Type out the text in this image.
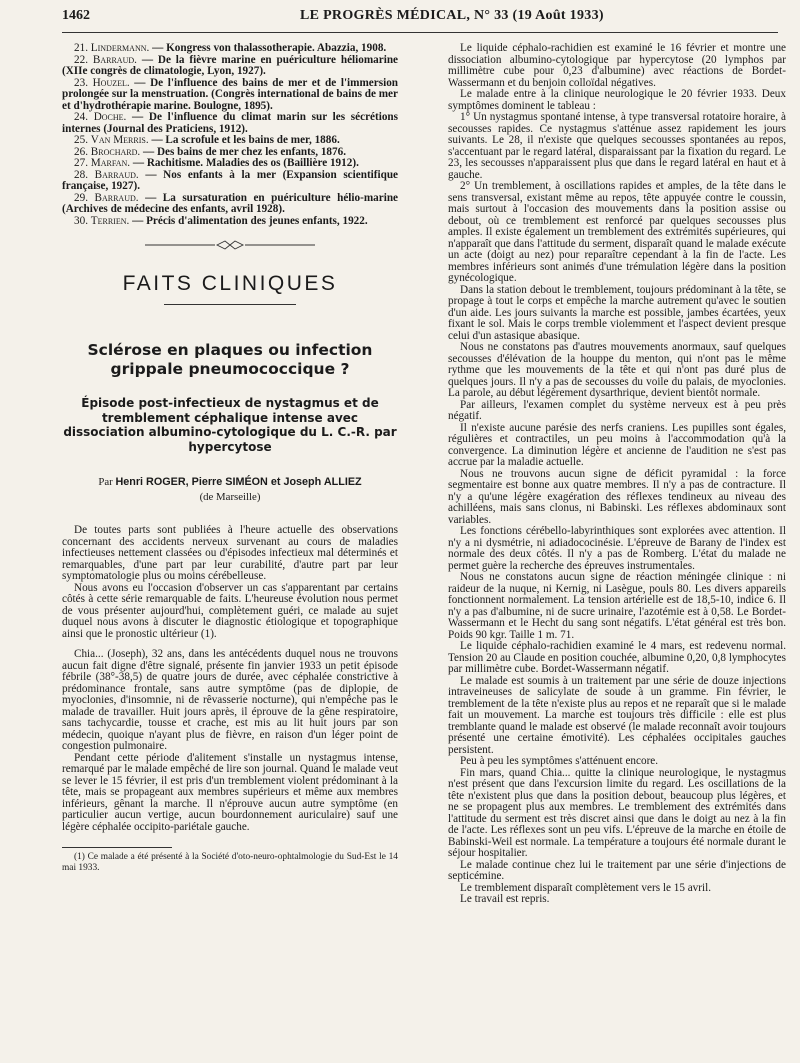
1462	LE PROGRÈS MÉDICAL, N° 33 (19 Août 1933)

21. Lindermann. — Kongress von thalassotherapie. Abazzia, 1908.

22. Barraud. — De la fièvre marine en puériculture héliomarine (XIIe congrès de climatologie, Lyon, 1927).

23. Houzel. — De l'influence des bains de mer et de l'immersion prolongée sur la menstruation. (Congrès international de bains de mer et d'hydrothérapie marine. Boulogne, 1895).

24. Doche. — De l'influence du climat marin sur les sécrétions internes (Journal des Praticiens, 1912).

25. Van Merris. — La scrofule et les bains de mer, 1886.

26. Brochard. — Des bains de mer chez les enfants, 1876.

27. Marfan. — Rachitisme. Maladies des os (Baillière 1912).

28. Barraud. — Nos enfants à la mer (Expansion scientifique française, 1927).

29. Barraud. — La sursaturation en puériculture hélio-marine (Archives de médecine des enfants, avril 1928).

30. Terrien. — Précis d'alimentation des jeunes enfants, 1922.

FAITS CLINIQUES
Sclérose en plaques ou infection grippale pneumococcique ?
Épisode post-infectieux de nystagmus et de tremblement céphalique intense avec dissociation albumino-cytologique du L. C.-R. par hypercytose
Par Henri ROGER, Pierre SIMÉON et Joseph ALLIEZ
(de Marseille)

De toutes parts sont publiées à l'heure actuelle des observations concernant des accidents nerveux survenant au cours de maladies infectieuses nettement classées ou d'épisodes infectieux mal déterminés et remarquables, d'une part par leur curabilité, d'autre part par leur symptomatologie plus ou moins cérébelleuse.

Nous avons eu l'occasion d'observer un cas s'apparentant par certains côtés à cette série remarquable de faits. L'heureuse évolution nous permet de vous présenter aujourd'hui, complètement guéri, ce malade au sujet duquel nous avons à discuter le diagnostic étiologique et topographique ainsi que le pronostic ultérieur (1).

Chia... (Joseph), 32 ans, dans les antécédents duquel nous ne trouvons aucun fait digne d'être signalé, présente fin janvier 1933 un petit épisode fébrile (38°-38,5) de quatre jours de durée, avec céphalée constrictive à prédominance frontale, sans autre symptôme (pas de diplopie, de myoclonies, d'insomnie, ni de rêvasserie nocturne), qui n'empêche pas le malade de travailler. Huit jours après, il éprouve de la gêne respiratoire, sans tachycardie, tousse et crache, est mis au lit huit jours par son médecin, quoique n'ayant plus de fièvre, en raison d'un léger point de congestion pulmonaire.

Pendant cette période d'alitement s'installe un nystagmus intense, remarqué par le malade empêché de lire son journal. Quand le malade veut se lever le 15 février, il est pris d'un tremblement violent prédominant à la tête, mais se propageant aux membres supérieurs et même aux membres inférieurs, gênant la marche. Il n'éprouve aucun autre symptôme (en particulier aucun vertige, aucun bourdonnement auriculaire) sauf une légère céphalée occipito-pariétale gauche.

(1) Ce malade a été présenté à la Société d'oto-neuro-ophtalmologie du Sud-Est le 14 mai 1933.

Le liquide céphalo-rachidien est examiné le 16 février et montre une dissociation albumino-cytologique par hypercytose (20 lymphos par millimètre cube pour 0,23 d'albumine) avec réactions de Bordet-Wassermann et du benjoin colloïdal négatives.

Le malade entre à la clinique neurologique le 20 février 1933. Deux symptômes dominent le tableau :

1° Un nystagmus spontané intense, à type transversal rotatoire horaire, à secousses rapides. Ce nystagmus s'atténue assez rapidement les jours suivants. Le 28, il n'existe que quelques secousses spontanées au repos, s'accentuant par le regard latéral, disparaissant par la fixation du regard. Le 23, les secousses n'apparaissent plus que dans le regard latéral en haut et à gauche.

2° Un tremblement, à oscillations rapides et amples, de la tête dans le sens transversal, existant même au repos, tête appuyée contre le coussin, mais surtout à l'occasion des mouvements dans la position assise ou debout, où ce tremblement est renforcé par quelques secousses plus amples. Il existe également un tremblement des extrémités supérieures, qui n'apparaît que dans l'attitude du serment, disparaît quand le malade exécute un acte (doigt au nez) pour reparaître cependant à la fin de l'acte. Les membres inférieurs sont animés d'une trémulation légère dans la position gynécologique.

Dans la station debout le tremblement, toujours prédominant à la tête, se propage à tout le corps et empêche la marche autrement qu'avec le soutien d'un aide. Les jours suivants la marche est possible, jambes écartées, yeux fixant le sol. Mais le corps tremble violemment et l'aspect devient presque celui d'un astasique abasique.

Nous ne constatons pas d'autres mouvements anormaux, sauf quelques secousses d'élévation de la houppe du menton, qui n'ont pas le même rythme que les mouvements de la tête et qui n'ont pas duré plus de quelques jours. Il n'y a pas de secousses du voile du palais, de myoclonies. La parole, au début légèrement dysarthrique, devient bientôt normale.

Par ailleurs, l'examen complet du système nerveux est à peu près négatif.

Il n'existe aucune parésie des nerfs craniens. Les pupilles sont égales, régulières et contractiles, un peu moins à l'accommodation qu'à la convergence. La diminution légère et ancienne de l'audition ne s'est pas accrue par la maladie actuelle.

Nous ne trouvons aucun signe de déficit pyramidal : la force segmentaire est bonne aux quatre membres. Il n'y a pas de contracture. Il n'y a qu'une légère exagération des réflexes tendineux au niveau des achilléens, mais sans clonus, ni Babinski. Les réflexes abdominaux sont variables.

Les fonctions cérébello-labyrinthiques sont explorées avec attention. Il n'y a ni dysmétrie, ni adiadococinésie. L'épreuve de Barany de l'index est normale des deux côtés. Il n'y a pas de Romberg. L'état du malade ne permet guère la recherche des épreuves instrumentales.

Nous ne constatons aucun signe de réaction méningée clinique : ni raideur de la nuque, ni Kernig, ni Lasègue, pouls 80. Les divers appareils fonctionnent normalement. La tension artérielle est de 18,5-10, indice 6. Il n'y a pas d'albumine, ni de sucre urinaire, l'azotémie est à 0,58. Le Bordet-Wassermann et le Hecht du sang sont négatifs. L'état général est très bon. Poids 90 kgr. Taille 1 m. 71.

Le liquide céphalo-rachidien examiné le 4 mars, est redevenu normal. Tension 20 au Claude en position couchée, albumine 0,20, 0,8 lymphocytes par millimètre cube. Bordet-Wassermann négatif.

Le malade est soumis à un traitement par une série de douze injections intraveineuses de salicylate de soude à un gramme. Fin février, le tremblement de la tête n'existe plus au repos et ne reparaît que si le malade fait un mouvement. La marche est toujours très difficile : elle est plus tremblante quand le malade est observé (le malade reconnaît avoir toujours présenté une certaine émotivité). Les céphalées occipitales gauches persistent.

Peu à peu les symptômes s'atténuent encore.

Fin mars, quand Chia... quitte la clinique neurologique, le nystagmus n'est présent que dans l'excursion limite du regard. Les oscillations de la tête n'existent plus que dans la position debout, beaucoup plus légères, et ne se propagent plus aux membres. Le tremblement des extrémités dans l'attitude du serment est très discret ainsi que dans le doigt au nez à la fin de l'acte. Les réflexes sont un peu vifs. L'épreuve de la marche en étoile de Babinski-Weil est normale. La température a toujours été normale durant le séjour hospitalier.

Le malade continue chez lui le traitement par une série d'injections de septicémine.

Le tremblement disparaît complètement vers le 15 avril.

Le travail est repris.
